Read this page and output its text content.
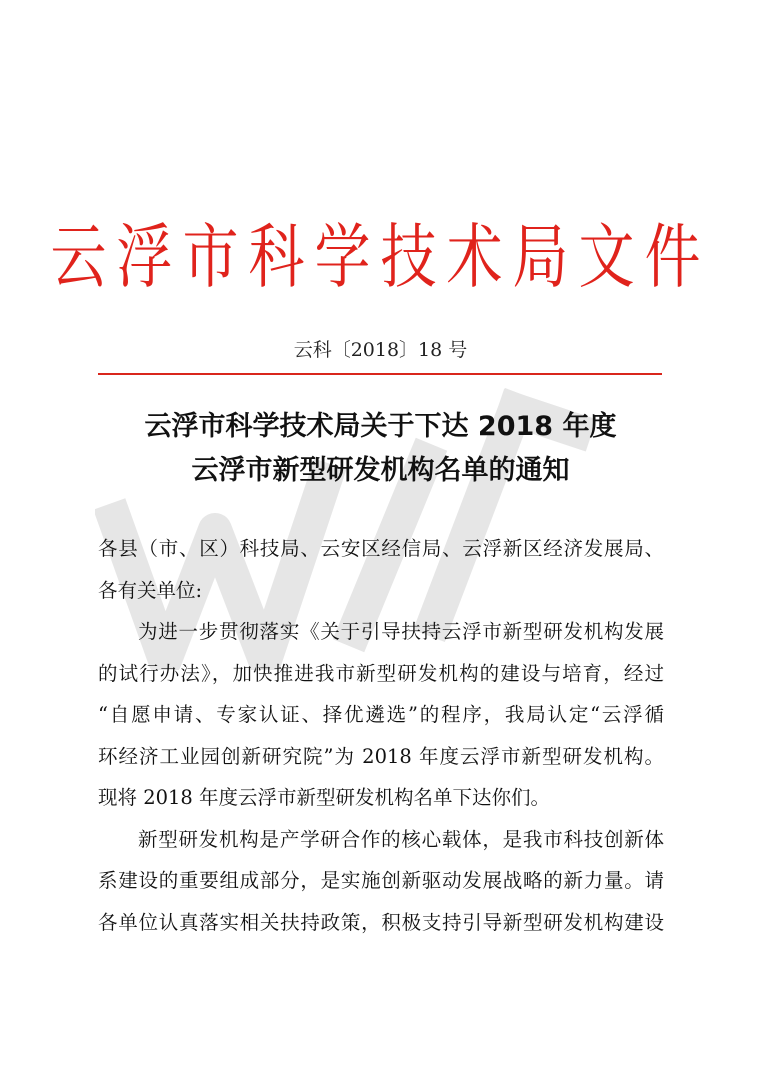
云浮市科学技术局文件
云科〔2018〕18 号
云浮市科学技术局关于下达 2018 年度
云浮市新型研发机构名单的通知
各县（市、区）科技局、云安区经信局、云浮新区经济发展局、
各有关单位:
为进一步贯彻落实《关于引导扶持云浮市新型研发机构发展
的试行办法》，加快推进我市新型研发机构的建设与培育，经过
“自愿申请、专家认证、择优遴选”的程序，我局认定“云浮循
环经济工业园创新研究院”为 2018 年度云浮市新型研发机构。
现将 2018 年度云浮市新型研发机构名单下达你们。
新型研发机构是产学研合作的核心载体，是我市科技创新体
系建设的重要组成部分，是实施创新驱动发展战略的新力量。请
各单位认真落实相关扶持政策，积极支持引导新型研发机构建设
